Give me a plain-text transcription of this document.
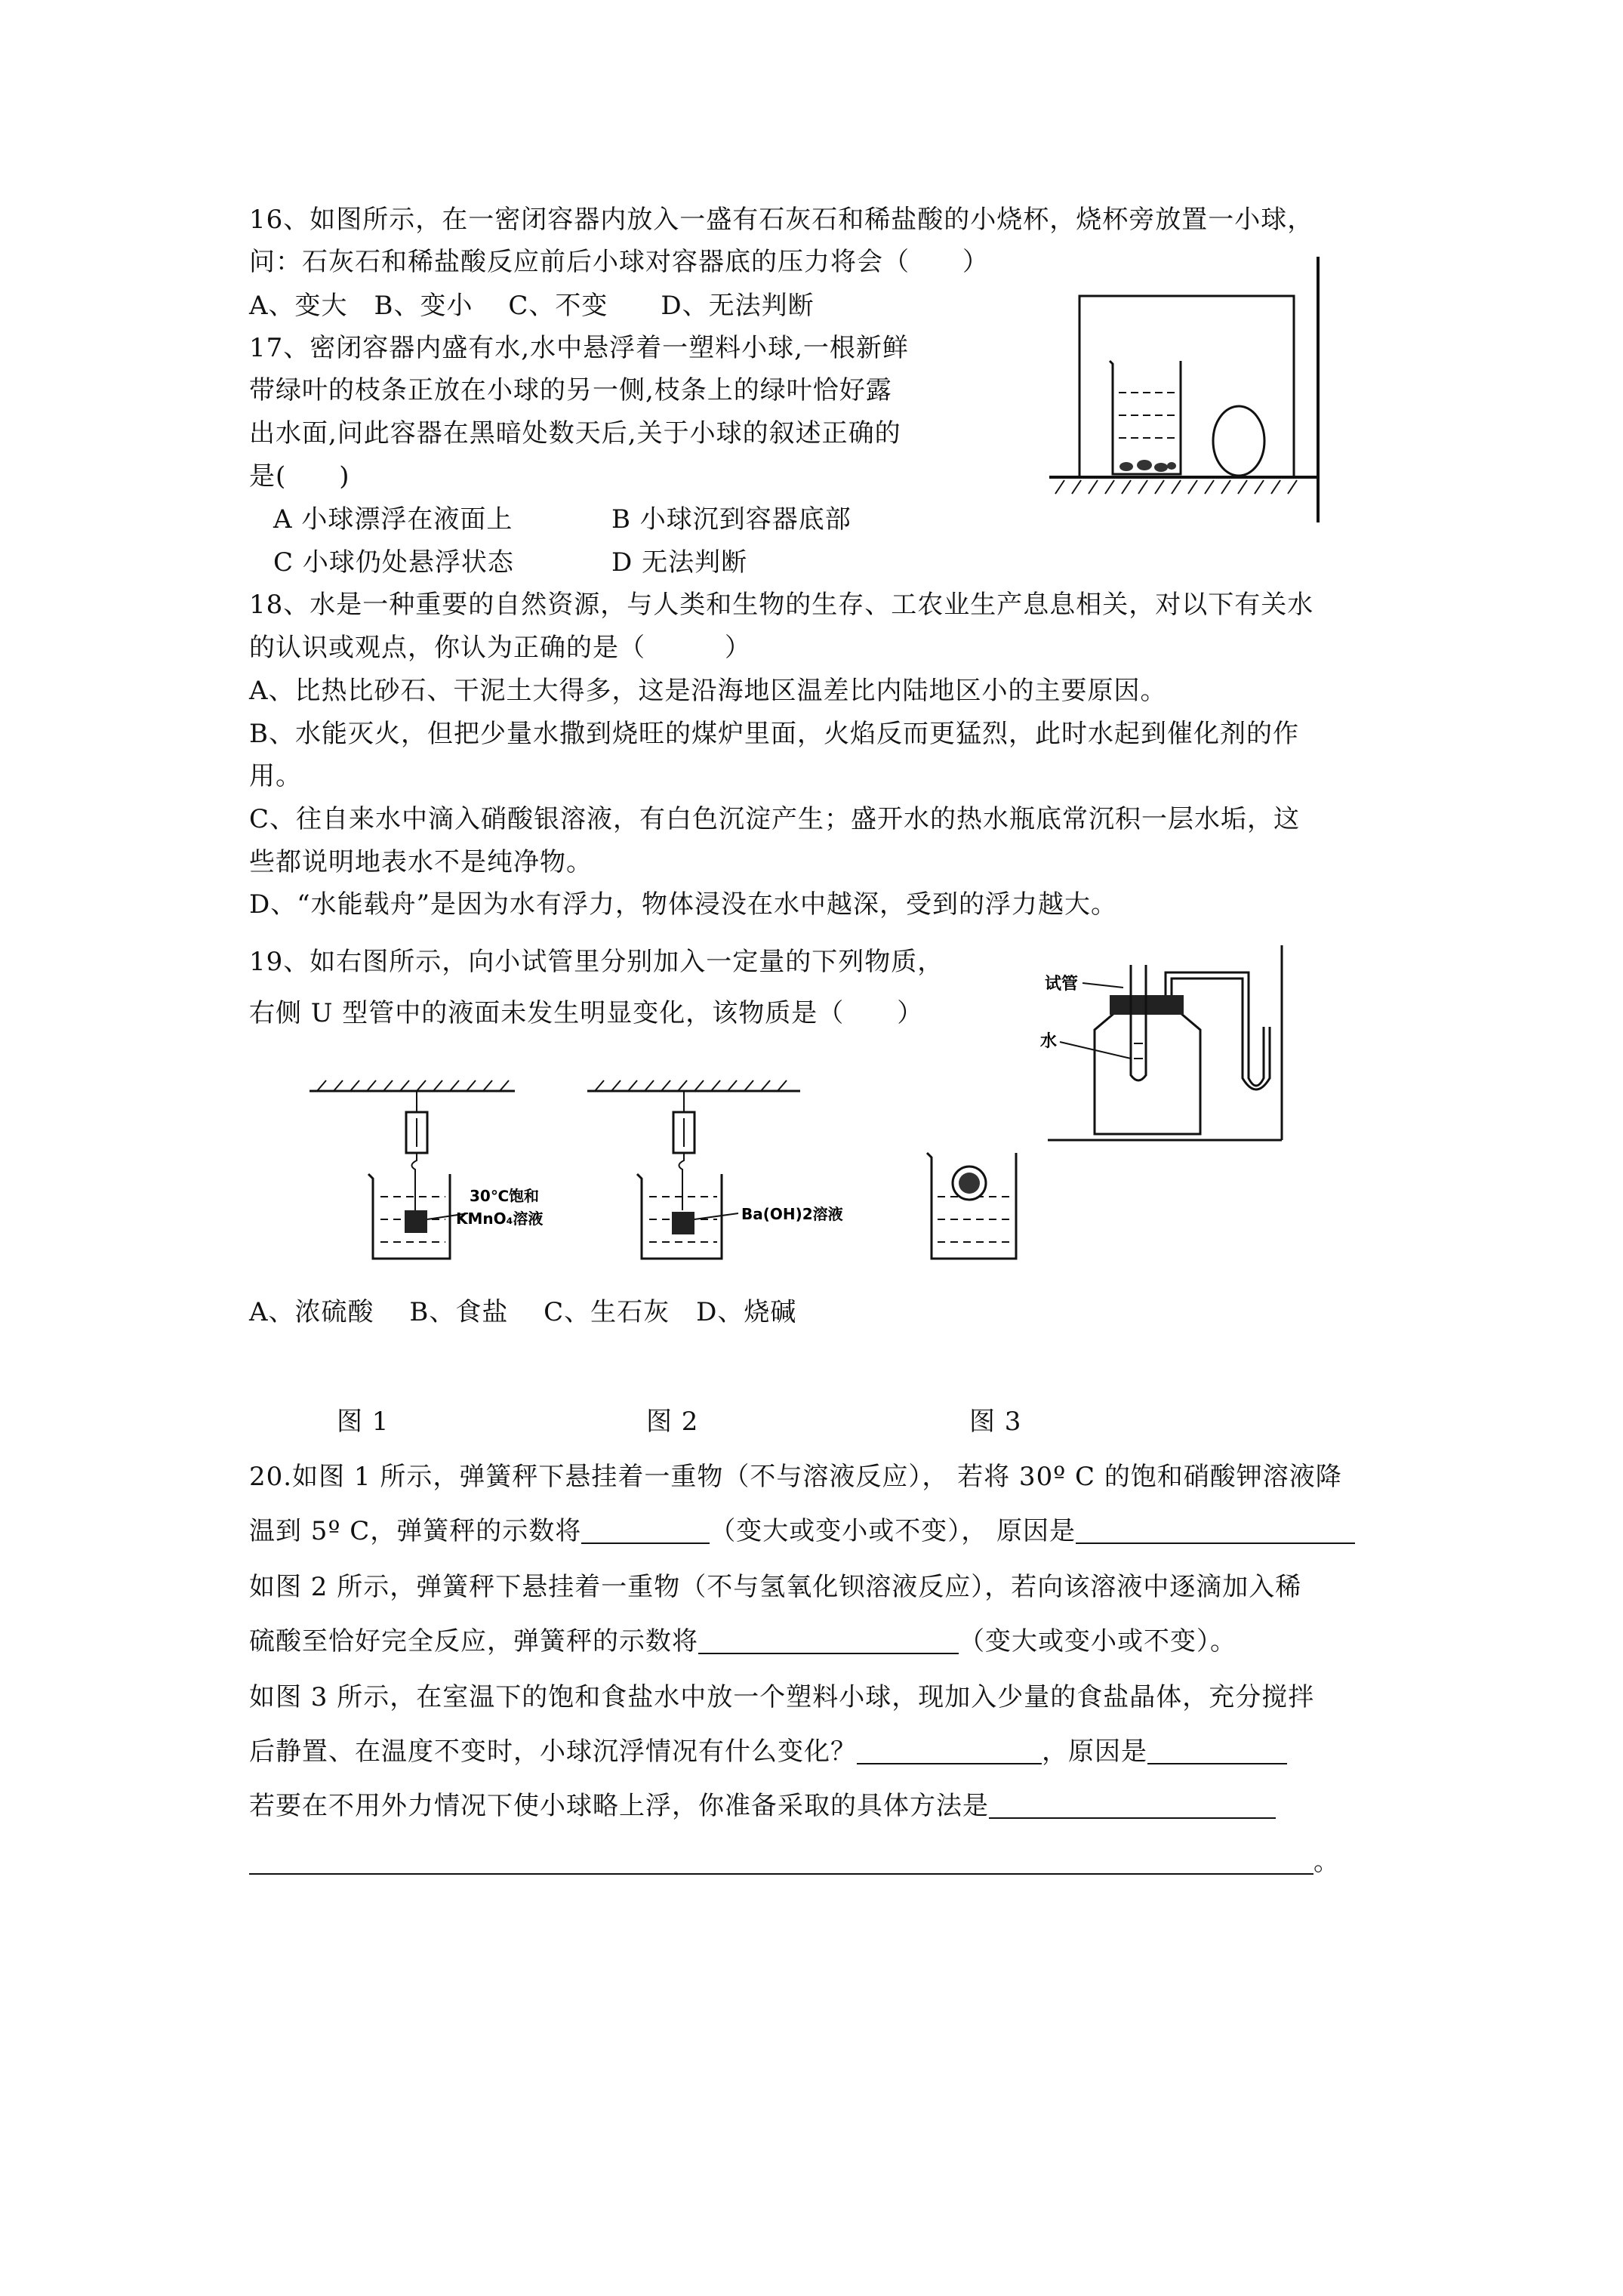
16、如图所示，在一密闭容器内放入一盛有石灰石和稀盐酸的小烧杯，烧杯旁放置一小球，
问：石灰石和稀盐酸反应前后小球对容器底的压力将会（　　）
A、变大　B、变小　 C、不变　　D、无法判断
17、密闭容器内盛有水,水中悬浮着一塑料小球,一根新鲜
带绿叶的枝条正放在小球的另一侧,枝条上的绿叶恰好露
出水面,问此容器在黑暗处数天后,关于小球的叙述正确的
是(　　)
A 小球漂浮在液面上	B 小球沉到容器底部
C 小球仍处悬浮状态	D 无法判断
18、水是一种重要的自然资源，与人类和生物的生存、工农业生产息息相关，对以下有关水
的认识或观点，你认为正确的是（　　　）
A、比热比砂石、干泥土大得多，这是沿海地区温差比内陆地区小的主要原因。
B、水能灭火，但把少量水撒到烧旺的煤炉里面，火焰反而更猛烈，此时水起到催化剂的作
用。
C、往自来水中滴入硝酸银溶液，有白色沉淀产生；盛开水的热水瓶底常沉积一层水垢，这
些都说明地表水不是纯净物。
D、“水能载舟”是因为水有浮力，物体浸没在水中越深，受到的浮力越大。
19、如右图所示，向小试管里分别加入一定量的下列物质，
右侧 U 型管中的液面未发生明显变化，该物质是（　　）
试管
水
30℃饱和
KMnO₄溶液	Ba(OH)2溶液
A、浓硫酸　 B、食盐　 C、生石灰　D、烧碱
图 1	图 2	图 3
20.如图 1 所示，弹簧秤下悬挂着一重物（不与溶液反应）， 若将 30º C 的饱和硝酸钾溶液降
温到 5º C，弹簧秤的示数将	（变大或变小或不变）， 原因是
如图 2 所示，弹簧秤下悬挂着一重物（不与氢氧化钡溶液反应），若向该溶液中逐滴加入稀
硫酸至恰好完全反应，弹簧秤的示数将	（变大或变小或不变）。
如图 3 所示，在室温下的饱和食盐水中放一个塑料小球，现加入少量的食盐晶体，充分搅拌
后静置、在温度不变时，小球沉浮情况有什么变化？	，原因是
若要在不用外力情况下使小球略上浮，你准备采取的具体方法是
。
